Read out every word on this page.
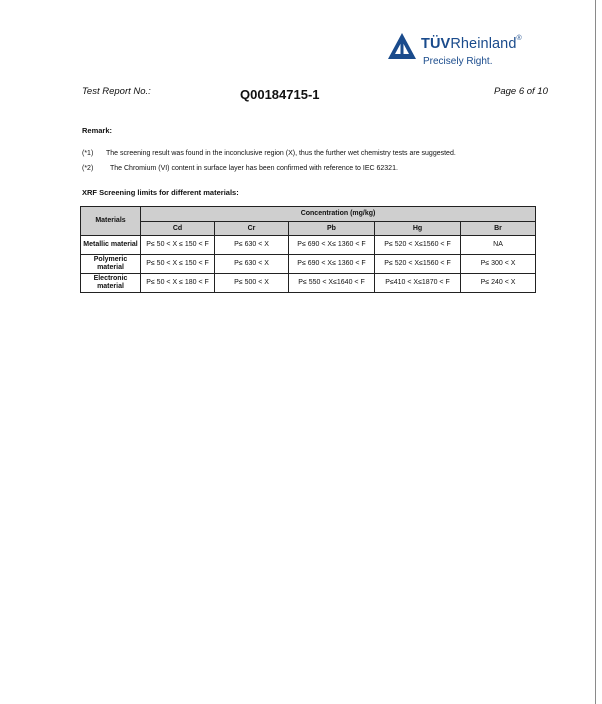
TÜVRheinland®
Precisely Right.
Test Report No.:	Q00184715-1	Page 6 of 10
Remark:
(*1) The screening result was found in the inconclusive region (X), thus the further wet chemistry tests are suggested.
(*2) The Chromium (VI) content in surface layer has been confirmed with reference to IEC 62321.
XRF Screening limits for different materials:
Materials	Concentration (mg/kg)				
	Cd	Cr	Pb	Hg	Br
Metallic material	P≤ 50 < X ≤ 150 < F	P≤ 630 < X	P≤ 690 < X≤ 1360 < F	P≤ 520 < X≤1560 < F	NA
Polymeric material	P≤ 50 < X ≤ 150 < F	P≤ 630 < X	P≤ 690 < X≤ 1360 < F	P≤ 520 < X≤1560 < F	P≤ 300 < X
Electronic material	P≤ 50 < X ≤ 180 < F	P≤ 500 < X	P≤ 550 < X≤1640 < F	P≤410 < X≤1870 < F	P≤ 240 < X
